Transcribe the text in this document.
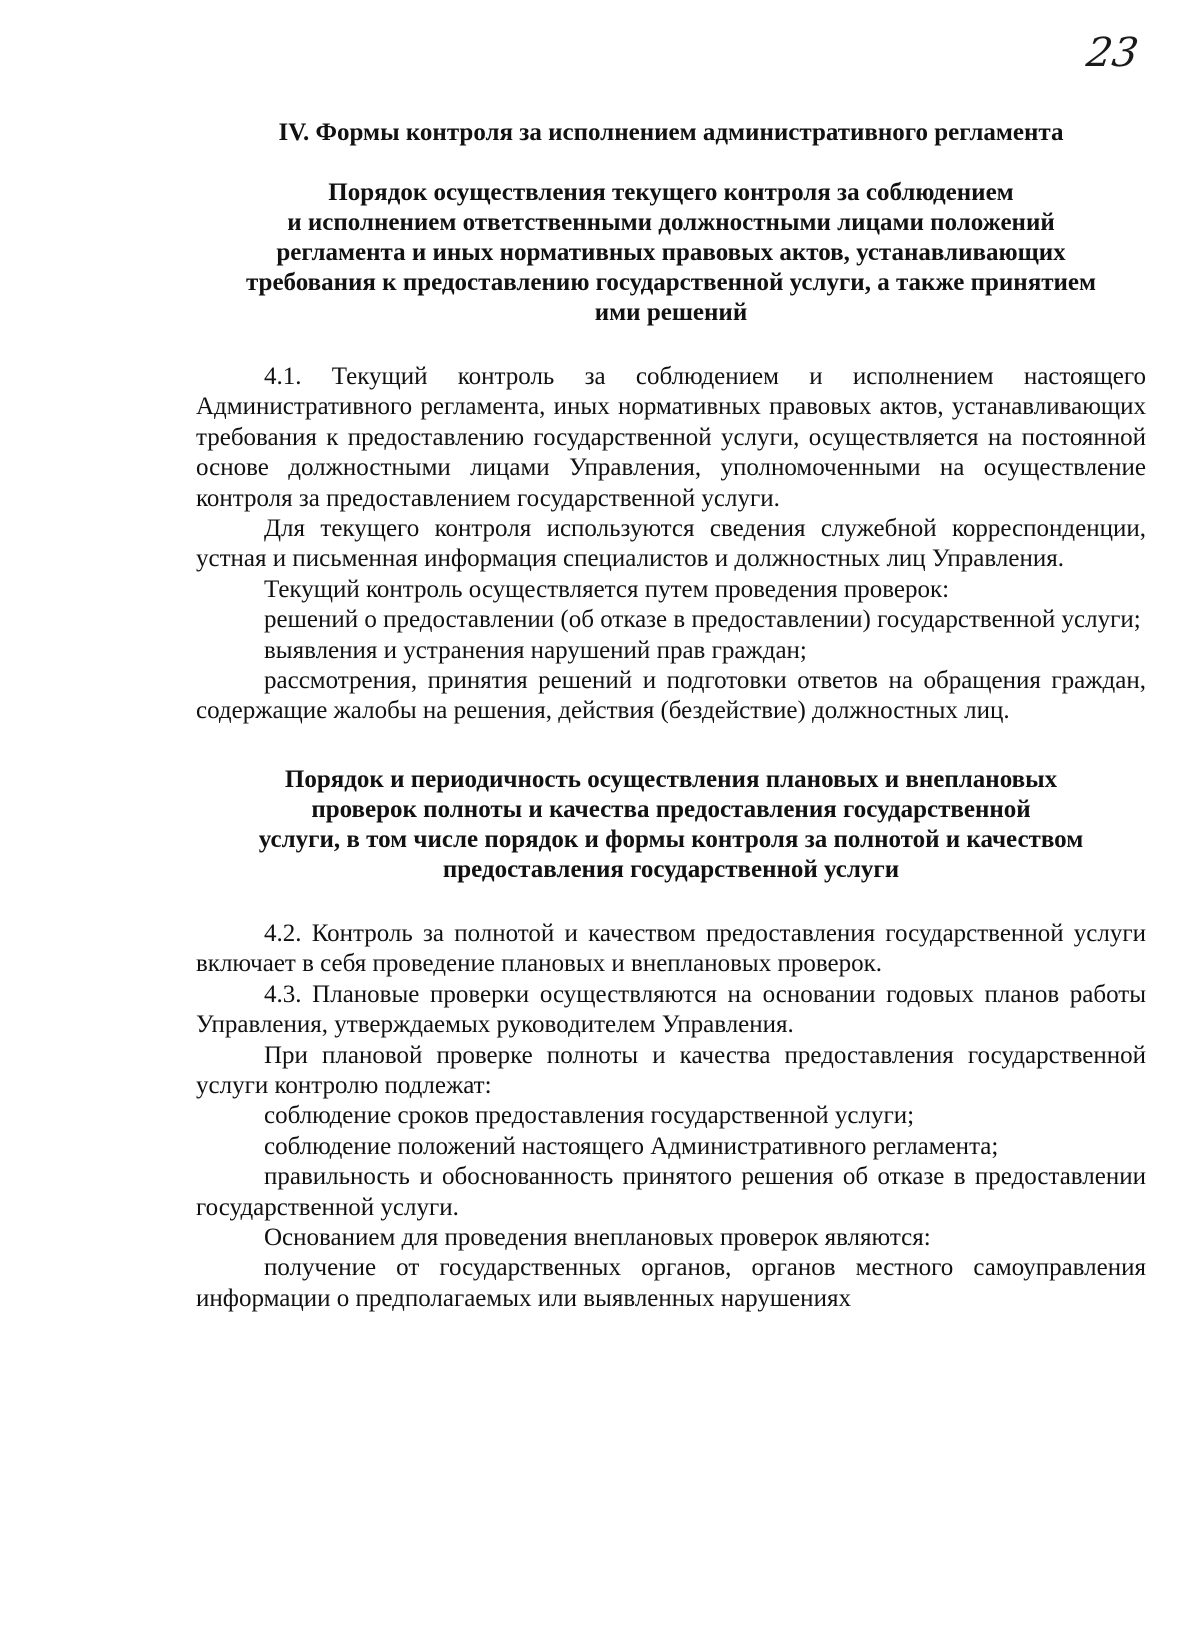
23
IV. Формы контроля за исполнением административного регламента
Порядок осуществления текущего контроля за соблюдением
и исполнением ответственными должностными лицами положений
регламента и иных нормативных правовых актов, устанавливающих
требования к предоставлению государственной услуги, а также принятием
ими решений

4.1. Текущий контроль за соблюдением и исполнением настоящего Административного регламента, иных нормативных правовых актов, устанавливающих требования к предоставлению государственной услуги, осуществляется на постоянной основе должностными лицами Управления, уполномоченными на осуществление контроля за предоставлением государственной услуги.

Для текущего контроля используются сведения служебной корреспонденции, устная и письменная информация специалистов и должностных лиц Управления.

Текущий контроль осуществляется путем проведения проверок:

решений о предоставлении (об отказе в предоставлении) государственной услуги;

выявления и устранения нарушений прав граждан;

рассмотрения, принятия решений и подготовки ответов на обращения граждан, содержащие жалобы на решения, действия (бездействие) должностных лиц.

Порядок и периодичность осуществления плановых и внеплановых
проверок полноты и качества предоставления государственной
услуги, в том числе порядок и формы контроля за полнотой и качеством
предоставления государственной услуги

4.2. Контроль за полнотой и качеством предоставления государственной услуги включает в себя проведение плановых и внеплановых проверок.

4.3. Плановые проверки осуществляются на основании годовых планов работы Управления, утверждаемых руководителем Управления.

При плановой проверке полноты и качества предоставления государственной услуги контролю подлежат:

соблюдение сроков предоставления государственной услуги;

соблюдение положений настоящего Административного регламента;

правильность и обоснованность принятого решения об отказе в предоставлении государственной услуги.

Основанием для проведения внеплановых проверок являются:

получение от государственных органов, органов местного самоуправления информации о предполагаемых или выявленных нарушениях
